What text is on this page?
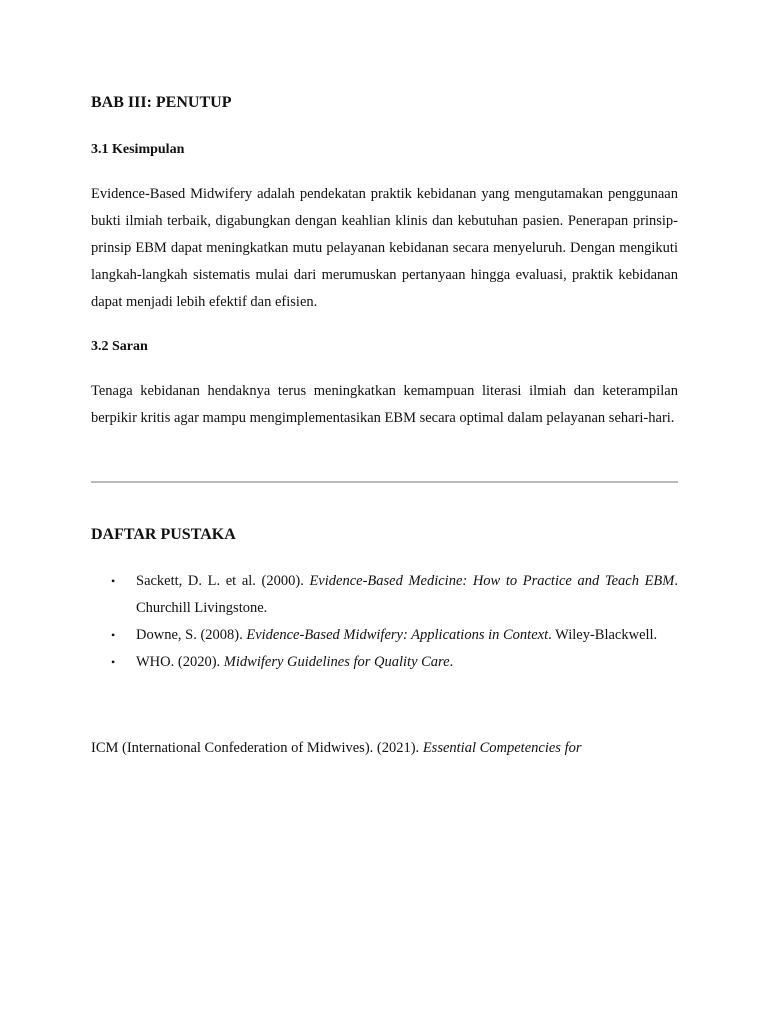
BAB III: PENUTUP
3.1 Kesimpulan

Evidence-Based Midwifery adalah pendekatan praktik kebidanan yang mengutamakan penggunaan bukti ilmiah terbaik, digabungkan dengan keahlian klinis dan kebutuhan pasien. Penerapan prinsip-prinsip EBM dapat meningkatkan mutu pelayanan kebidanan secara menyeluruh. Dengan mengikuti langkah-langkah sistematis mulai dari merumuskan pertanyaan hingga evaluasi, praktik kebidanan dapat menjadi lebih efektif dan efisien.

3.2 Saran

Tenaga kebidanan hendaknya terus meningkatkan kemampuan literasi ilmiah dan keterampilan berpikir kritis agar mampu mengimplementasikan EBM secara optimal dalam pelayanan sehari-hari.

DAFTAR PUSTAKA
• Sackett, D. L. et al. (2000). Evidence-Based Medicine: How to Practice and Teach EBM. Churchill Livingstone.
• Downe, S. (2008). Evidence-Based Midwifery: Applications in Context. Wiley-Blackwell.
• WHO. (2020). Midwifery Guidelines for Quality Care.

ICM (International Confederation of Midwives). (2021). Essential Competencies for
